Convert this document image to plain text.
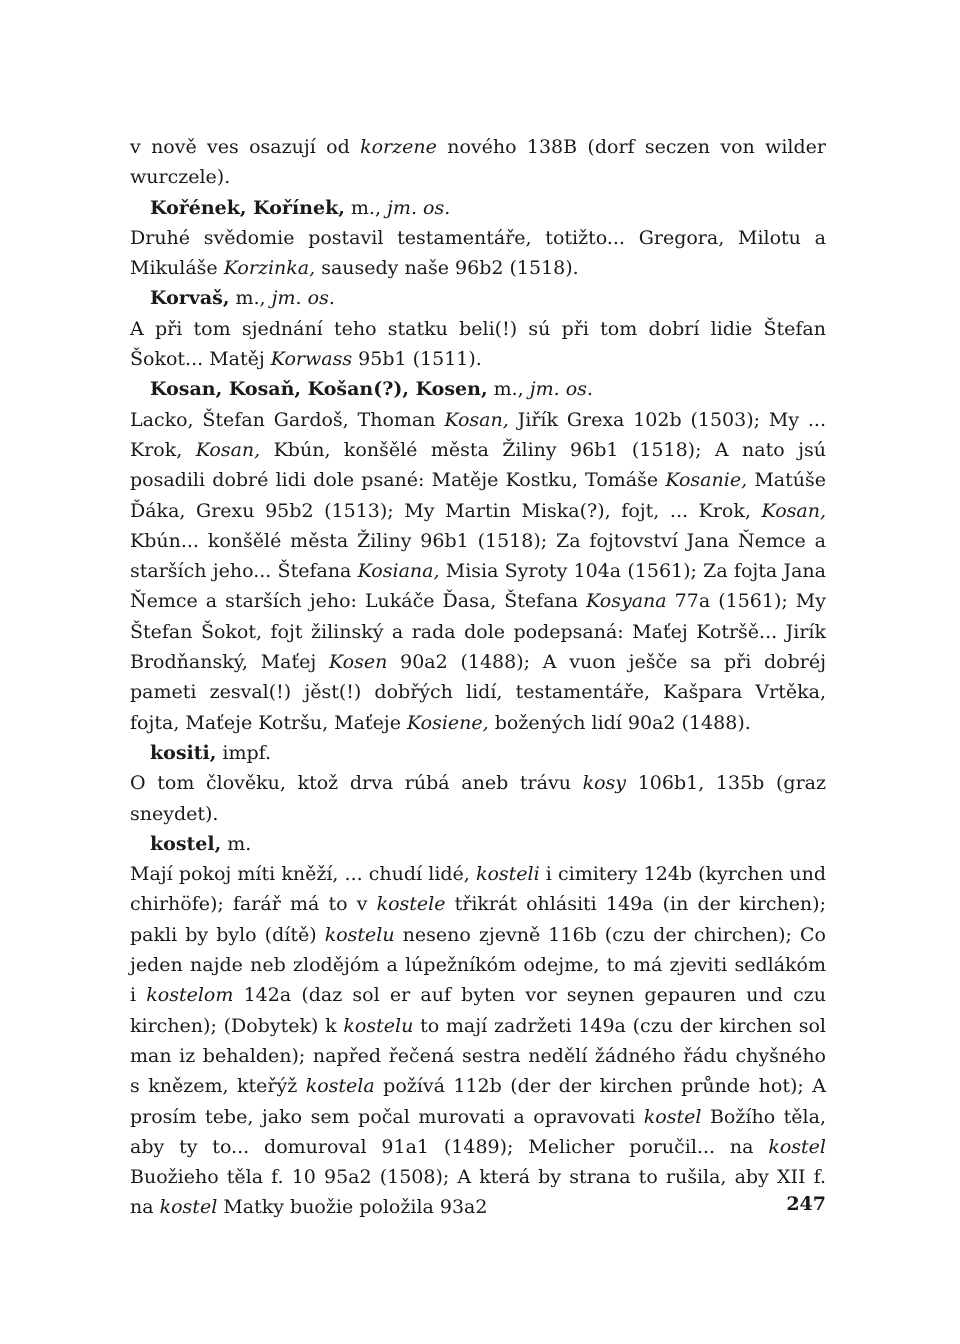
v nově ves osazují od korzene nového 138B (dorf seczen von wilder wurczele).

Kořének, Kořínek, m., jm. os.

Druhé svědomie postavil testamentáře, totižto... Gregora, Milotu a Mikuláše Korzinka, sausedy naše 96b2 (1518).

Korvaš, m., jm. os.

A při tom sjednání teho statku beli(!) sú při tom dobrí lidie Štefan Šokot... Matěj Korwass 95b1 (1511).

Kosan, Kosaň, Košan(?), Kosen, m., jm. os.

Lacko, Štefan Gardoš, Thoman Kosan, Jiřík Grexa 102b (1503); My ... Krok, Kosan, Kbún, konšělé města Žiliny 96b1 (1518); A nato jsú posadili dobré lidi dole psané: Matěje Kostku, Tomáše Kosanie, Matúše Ďáka, Grexu 95b2 (1513); My Martin Miska(?), fojt, ... Krok, Kosan, Kbún... konšělé města Žiliny 96b1 (1518); Za fojtovství Jana Ňemce a starších jeho... Štefana Kosiana, Misia Syroty 104a (1561); Za fojta Jana Ňemce a starších jeho: Lukáče Ďasa, Štefana Kosyana 77a (1561); My Štefan Šokot, fojt žilinský a rada dole podepsaná: Maťej Kotršě... Jirík Brodňanský, Maťej Kosen 90a2 (1488); A vuon ješče sa při dobréj pameti zesval(!) jěst(!) dobřých lidí, testamentáře, Kašpara Vrtěka, fojta, Maťeje Kotršu, Maťeje Kosiene, božených lidí 90a2 (1488).

kositi, impf.

O tom člověku, ktož drva rúbá aneb trávu kosy 106b1, 135b (graz sneydet).

kostel, m.

Mají pokoj míti kněží, ... chudí lidé, kosteli i cimitery 124b (kyrchen und chirhöfe); farář má to v kostele třikrát ohlásiti 149a (in der kirchen); pakli by bylo (dítě) kostelu neseno zjevně 116b (czu der chirchen); Co jeden najde neb zlodějóm a lúpežníkóm odejme, to má zjeviti sedlákóm i kostelom 142a (daz sol er auf byten vor seynen gepauren und czu kirchen); (Dobytek) k kostelu to mají zadržeti 149a (czu der kirchen sol man iz behalden); napřed řečená sestra nedělí žádného řádu chyšného s knězem, kteřýž kostela požívá 112b (der der kirchen průnde hot); A prosím tebe, jako sem počal murovati a opravovati kostel Božího těla, aby ty to... domuroval 91a1 (1489); Melicher poručil... na kostel Buožieho těla f. 10 95a2 (1508); A která by strana to rušila, aby XII f. na kostel Matky buožie položila 93a2	247
